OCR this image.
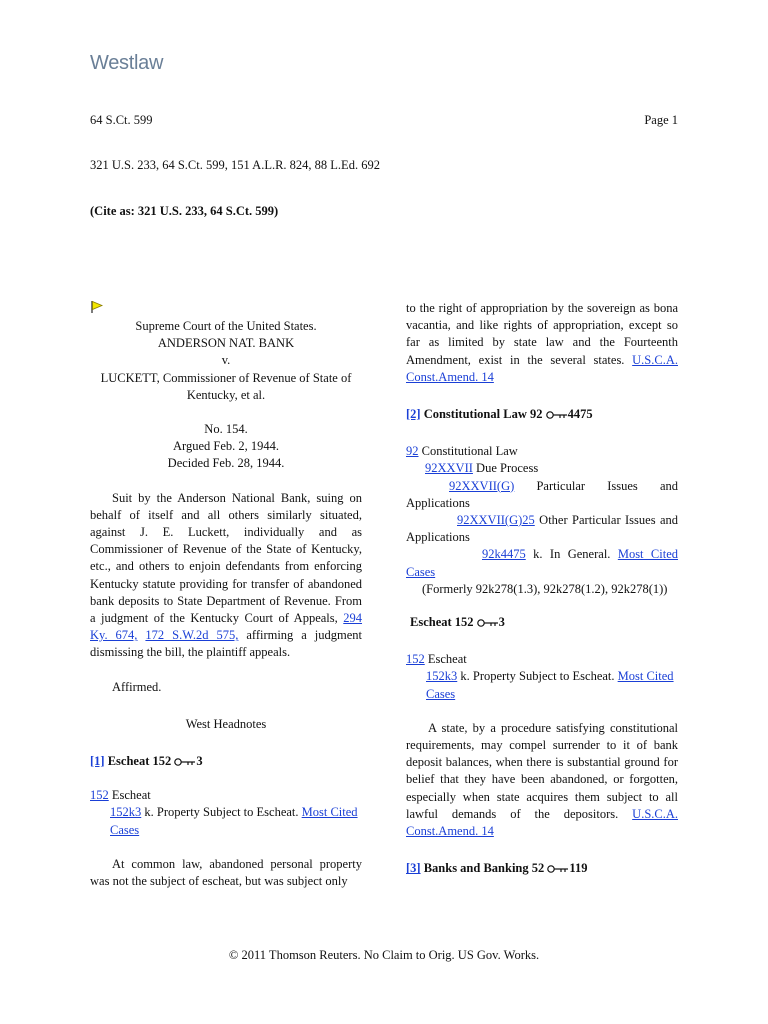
Westlaw
64 S.Ct. 599	Page 1
321 U.S. 233, 64 S.Ct. 599, 151 A.L.R. 824, 88 L.Ed. 692
(Cite as: 321 U.S. 233, 64 S.Ct. 599)

Supreme Court of the United States.

ANDERSON NAT. BANK

v.

LUCKETT, Commissioner of Revenue of State of

Kentucky, et al.

No. 154.

Argued Feb. 2, 1944.

Decided Feb. 28, 1944.

Suit by the Anderson National Bank, suing on behalf of itself and all others similarly situated, against J. E. Luckett, individually and as Commissioner of Revenue of the State of Kentucky, etc., and others to enjoin defendants from enforcing Kentucky statute providing for transfer of abandoned bank deposits to State Department of Revenue. From a judgment of the Kentucky Court of Appeals, 294 Ky. 674, 172 S.W.2d 575, affirming a judgment dismissing the bill, the plaintiff appeals.

Affirmed.

West Headnotes

[1] Escheat 152 3

152 Escheat

152k3 k. Property Subject to Escheat. Most Cited Cases

At common law, abandoned personal property was not the subject of escheat, but was subject only

to the right of appropriation by the sovereign as bona vacantia, and like rights of appropriation, except so far as limited by state law and the Fourteenth Amendment, exist in the several states. U.S.C.A. Const.Amend. 14

[2] Constitutional Law 92 4475

92 Constitutional Law

92XXVII Due Process

92XXVII(G) Particular Issues and Applications

92XXVII(G)25 Other Particular Issues and Applications

92k4475 k. In General. Most Cited Cases

(Formerly 92k278(1.3), 92k278(1.2), 92k278(1))

Escheat 152 3

152 Escheat

152k3 k. Property Subject to Escheat. Most Cited Cases

A state, by a procedure satisfying constitutional requirements, may compel surrender to it of bank deposit balances, when there is substantial ground for belief that they have been abandoned, or forgotten, especially when state acquires them subject to all lawful demands of the depositors. U.S.C.A. Const.Amend. 14

[3] Banks and Banking 52 119

© 2011 Thomson Reuters. No Claim to Orig. US Gov. Works.
